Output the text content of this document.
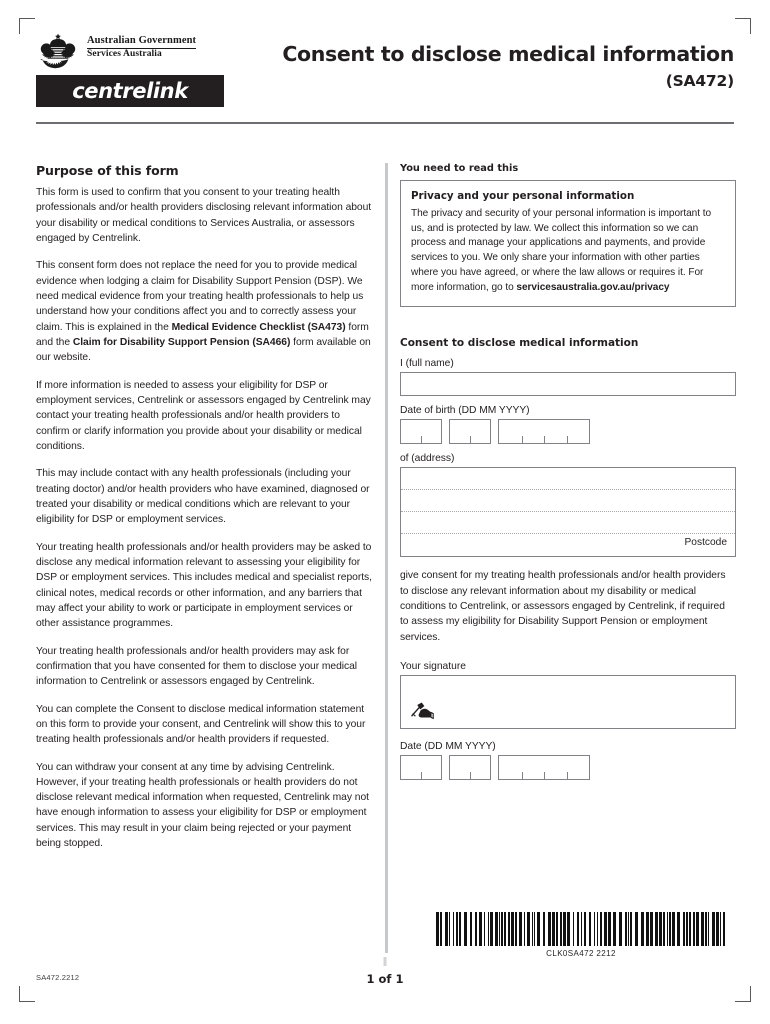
Australian Government
Services Australia
centrelink
Consent to disclose medical information
(SA472)
Purpose of this form

This form is used to confirm that you consent to your treating health professionals and/or health providers disclosing relevant information about your disability or medical conditions to Services Australia, or assessors engaged by Centrelink.

This consent form does not replace the need for you to provide medical evidence when lodging a claim for Disability Support Pension (DSP). We need medical evidence from your treating health professionals to help us understand how your conditions affect you and to correctly assess your claim. This is explained in the Medical Evidence Checklist (SA473) form and the Claim for Disability Support Pension (SA466) form available on our website.

If more information is needed to assess your eligibility for DSP or employment services, Centrelink or assessors engaged by Centrelink may contact your treating health professionals and/or health providers to confirm or clarify information you provide about your disability or medical conditions.

This may include contact with any health professionals (including your treating doctor) and/or health providers who have examined, diagnosed or treated your disability or medical conditions which are relevant to your eligibility for DSP or employment services.

Your treating health professionals and/or health providers may be asked to disclose any medical information relevant to assessing your eligibility for DSP or employment services. This includes medical and specialist reports, clinical notes, medical records or other information, and any barriers that may affect your ability to work or participate in employment services or other assistance programmes.

Your treating health professionals and/or health providers may ask for confirmation that you have consented for them to disclose your medical information to Centrelink or assessors engaged by Centrelink.

You can complete the Consent to disclose medical information statement on this form to provide your consent, and Centrelink will show this to your treating health professionals and/or health providers if requested.

You can withdraw your consent at any time by advising Centrelink. However, if your treating health professionals or health providers do not disclose relevant medical information when requested, Centrelink may not have enough information to assess your eligibility for DSP or employment services. This may result in your claim being rejected or your payment being stopped.

You need to read this
Privacy and your personal information
The privacy and security of your personal information is important to us, and is protected by law. We collect this information so we can process and manage your applications and payments, and provide services to you. We only share your information with other parties where you have agreed, or where the law allows or requires it. For more information, go to servicesaustralia.gov.au/privacy
Consent to disclose medical information
I (full name)
Date of birth (DD MM YYYY)
of (address)
Postcode

give consent for my treating health professionals and/or health providers to disclose any relevant information about my disability or medical conditions to Centrelink, or assessors engaged by Centrelink, if required to assess my eligibility for Disability Support Pension or employment services.

Your signature
Date (DD MM YYYY)
CLK0SA472 2212
SA472.2212	1 of 1
